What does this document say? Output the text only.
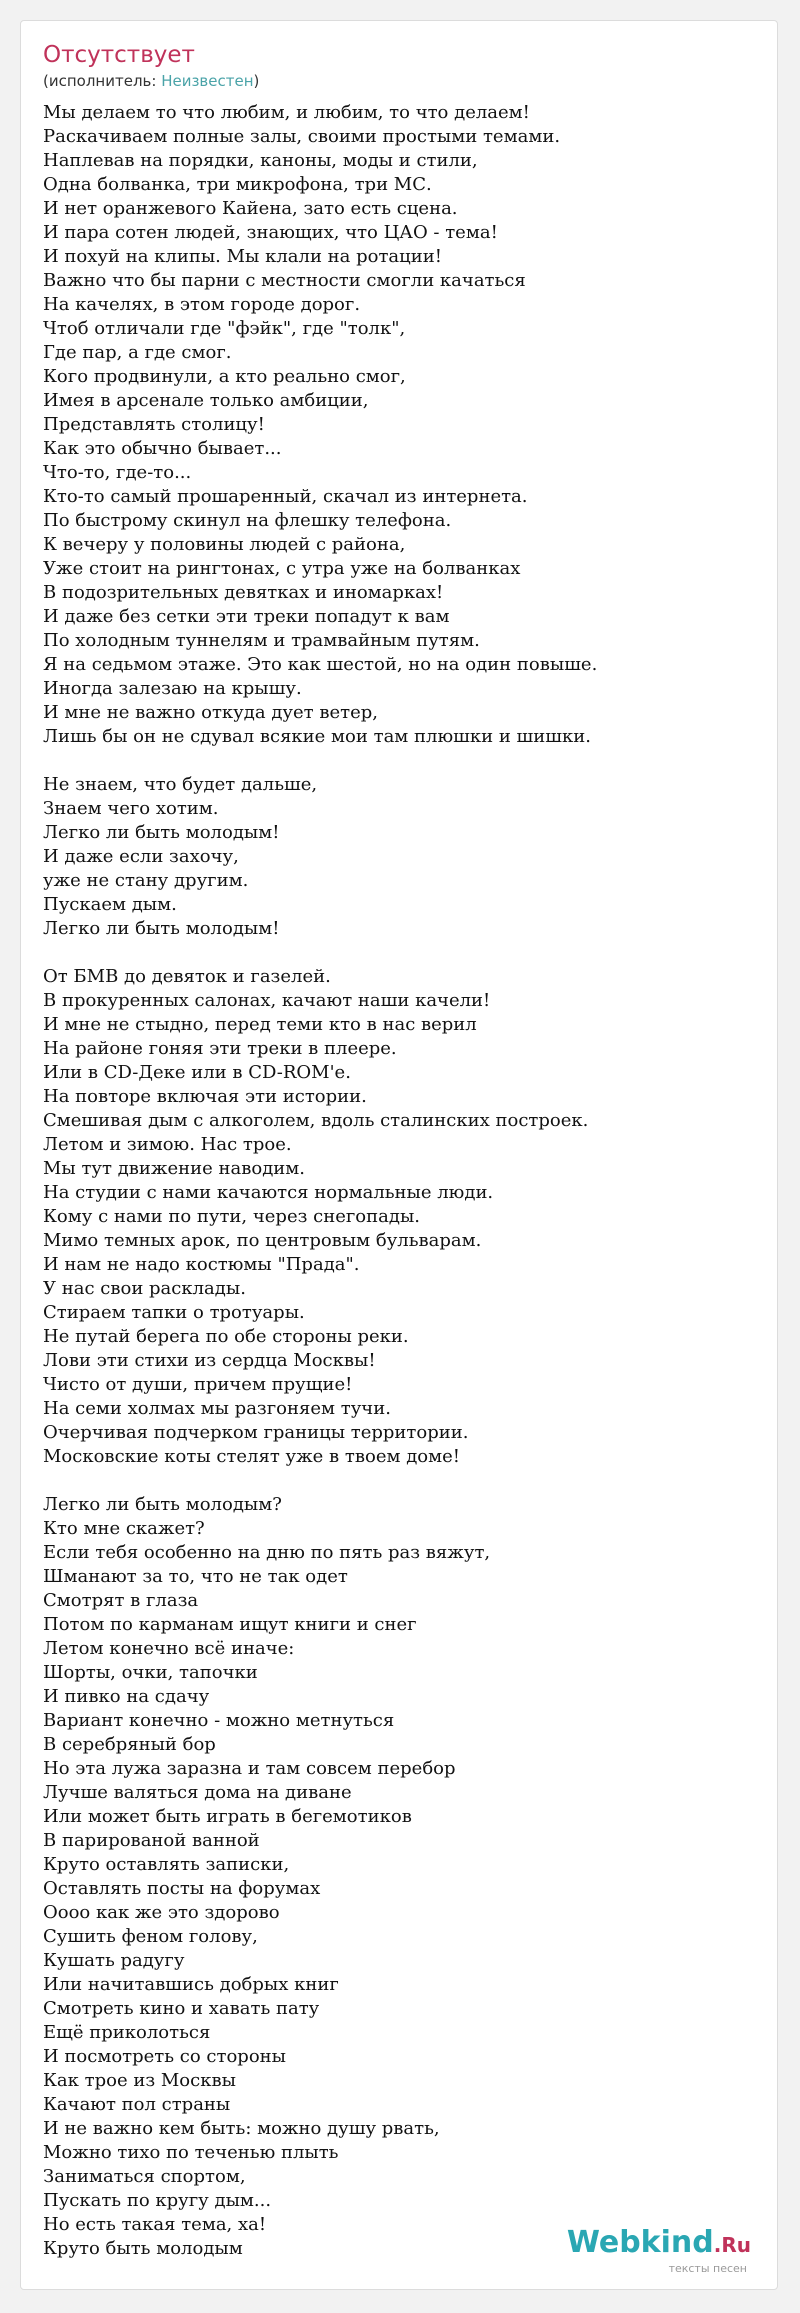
Отсутствует
(исполнитель: Неизвестен)
Мы делаем то что любим, и любим, то что делаем!
Раскачиваем полные залы, своими простыми темами.
Наплевав на порядки, каноны, моды и стили,
Одна болванка, три микрофона, три МС.
И нет оранжевого Кайена, зато есть сцена.
И пара сотен людей, знающих, что ЦАО - тема!
И похуй на клипы. Мы клали на ротации!
Важно что бы парни с местности смогли качаться
На качелях, в этом городе дорог.
Чтоб отличали где "фэйк", где "толк",
Где пар, а где смог.
Кого продвинули, а кто реально смог,
Имея в арсенале только амбиции,
Представлять столицу!
Как это обычно бывает...
Что-то, где-то...
Кто-то самый прошаренный, скачал из интернета.
По быстрому скинул на флешку телефона.
К вечеру у половины людей с района,
Уже стоит на рингтонах, с утра уже на болванках
В подозрительных девятках и иномарках!
И даже без сетки эти треки попадут к вам
По холодным туннелям и трамвайным путям.
Я на седьмом этаже. Это как шестой, но на один повыше.
Иногда залезаю на крышу.
И мне не важно откуда дует ветер,
Лишь бы он не сдувал всякие мои там плюшки и шишки.
Не знаем, что будет дальше,
Знаем чего хотим.
Легко ли быть молодым!
И даже если захочу,
уже не стану другим.
Пускаем дым.
Легко ли быть молодым!
От БМВ до девяток и газелей.
В прокуренных салонах, качают наши качели!
И мне не стыдно, перед теми кто в нас верил
На районе гоняя эти треки в плеере.
Или в CD-Деке или в CD-ROM'е.
На повторе включая эти истории.
Смешивая дым с алкоголем, вдоль сталинских построек.
Летом и зимою. Нас трое.
Мы тут движение наводим.
На студии с нами качаются нормальные люди.
Кому с нами по пути, через снегопады.
Мимо темных арок, по центровым бульварам.
И нам не надо костюмы "Прада".
У нас свои расклады.
Стираем тапки о тротуары.
Не путай берега по обе стороны реки.
Лови эти стихи из сердца Москвы!
Чисто от души, причем прущие!
На семи холмах мы разгоняем тучи.
Очерчивая подчерком границы территории.
Московские коты стелят уже в твоем доме!
Легко ли быть молодым?
Кто мне скажет?
Если тебя особенно на дню по пять раз вяжут,
Шманают за то, что не так одет
Смотрят в глаза
Потом по карманам ищут книги и снег
Летом конечно всё иначе:
Шорты, очки, тапочки
И пивко на сдачу
Вариант конечно - можно метнуться
В серебряный бор
Но эта лужа заразна и там совсем перебор
Лучше валяться дома на диване
Или может быть играть в бегемотиков
В парированой ванной
Круто оставлять записки,
Оставлять посты на форумах
Оооо как же это здорово
Сушить феном голову,
Кушать радугу
Или начитавшись добрых книг
Смотреть кино и хавать пату
Ещё приколоться
И посмотреть со стороны
Как трое из Москвы
Качают пол страны
И не важно кем быть: можно душу рвать,
Можно тихо по теченью плыть
Заниматься спортом,
Пускать по кругу дым...
Но есть такая тема, ха!
Круто быть молодым	Webkind.Ru
тексты песен
